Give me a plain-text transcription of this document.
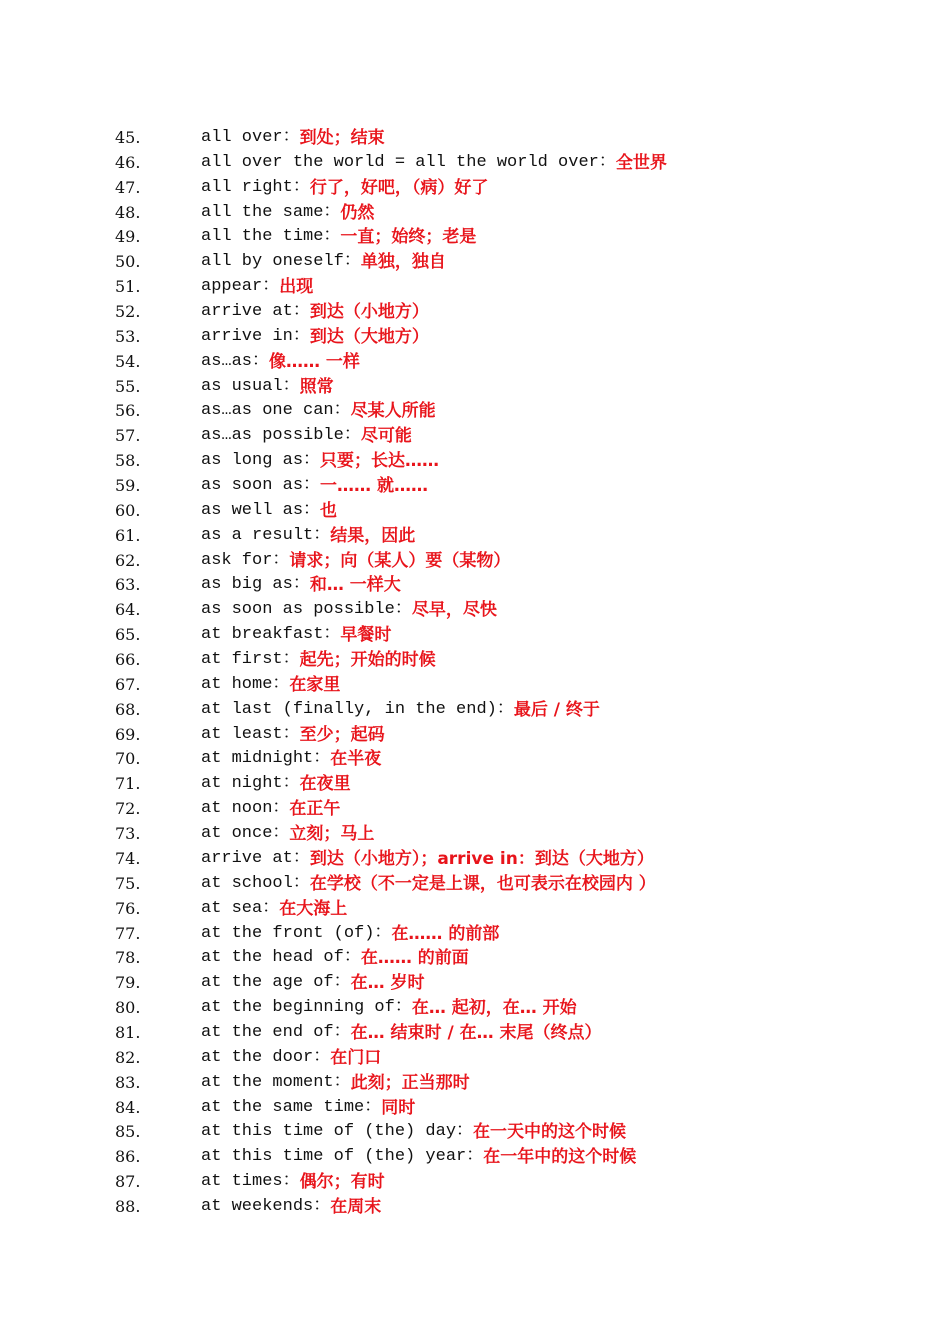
45.	all over： 到处；结束
46.	all over the world = all the world over： 全世界
47.	all right： 行了，好吧，（病）好了
48.	all the same： 仍然
49.	all the time： 一直；始终；老是
50.	all by oneself： 单独，独自
51.	appear： 出现
52.	arrive at： 到达（小地方）
53.	arrive in： 到达（大地方）
54.	as…as： 像…… 一样
55.	as usual： 照常
56.	as…as one can： 尽某人所能
57.	as…as possible： 尽可能
58.	as long as： 只要；长达……
59.	as soon as： 一…… 就……
60.	as well as： 也
61.	as a result： 结果，因此
62.	ask for： 请求；向（某人）要（某物）
63.	as big as： 和… 一样大
64.	as soon as possible： 尽早，尽快
65.	at breakfast： 早餐时
66.	at first： 起先；开始的时候
67.	at home： 在家里
68.	at last (finally, in the end)： 最后 / 终于
69.	at least： 至少；起码
70.	at midnight： 在半夜
71.	at night： 在夜里
72.	at noon： 在正午
73.	at once： 立刻；马上
74.	arrive at： 到达（小地方）；arrive in：到达（大地方）
75.	at school： 在学校（不一定是上课，也可表示在校园内 ）
76.	at sea： 在大海上
77.	at the front (of)： 在…… 的前部
78.	at the head of： 在…… 的前面
79.	at the age of： 在… 岁时
80.	at the beginning of： 在… 起初，在… 开始
81.	at the end of： 在… 结束时 / 在… 末尾（终点）
82.	at the door： 在门口
83.	at the moment： 此刻；正当那时
84.	at the same time： 同时
85.	at this time of (the) day： 在一天中的这个时候
86.	at this time of (the) year： 在一年中的这个时候
87.	at times： 偶尔；有时
88.	at weekends： 在周末
